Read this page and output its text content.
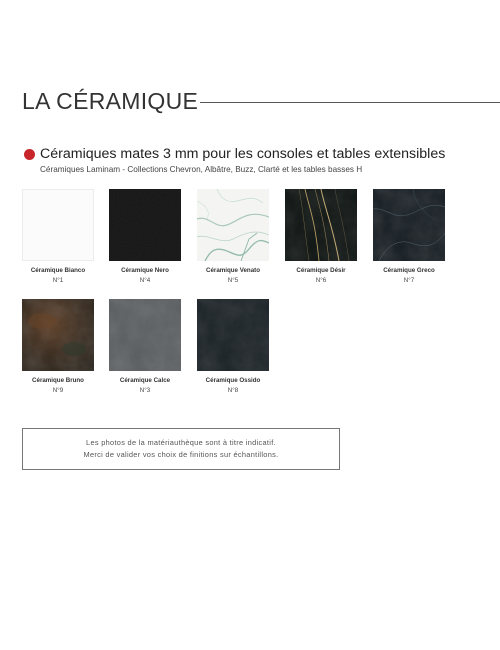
LA CÉRAMIQUE
Céramiques mates 3 mm pour les consoles et tables extensibles
Céramiques Laminam - Collections Chevron, Albâtre, Buzz, Clarté et les tables basses H
Céramique Bianco
N°1
Céramique Nero
N°4
Céramique Venato
N°5
Céramique Désir
N°6
Céramique Greco
N°7
Céramique Bruno
N°9
Céramique Calce
N°3
Céramique Ossido
N°8
Les photos de la matériauthèque sont à titre indicatif.
Merci de valider vos choix de finitions sur échantillons.
